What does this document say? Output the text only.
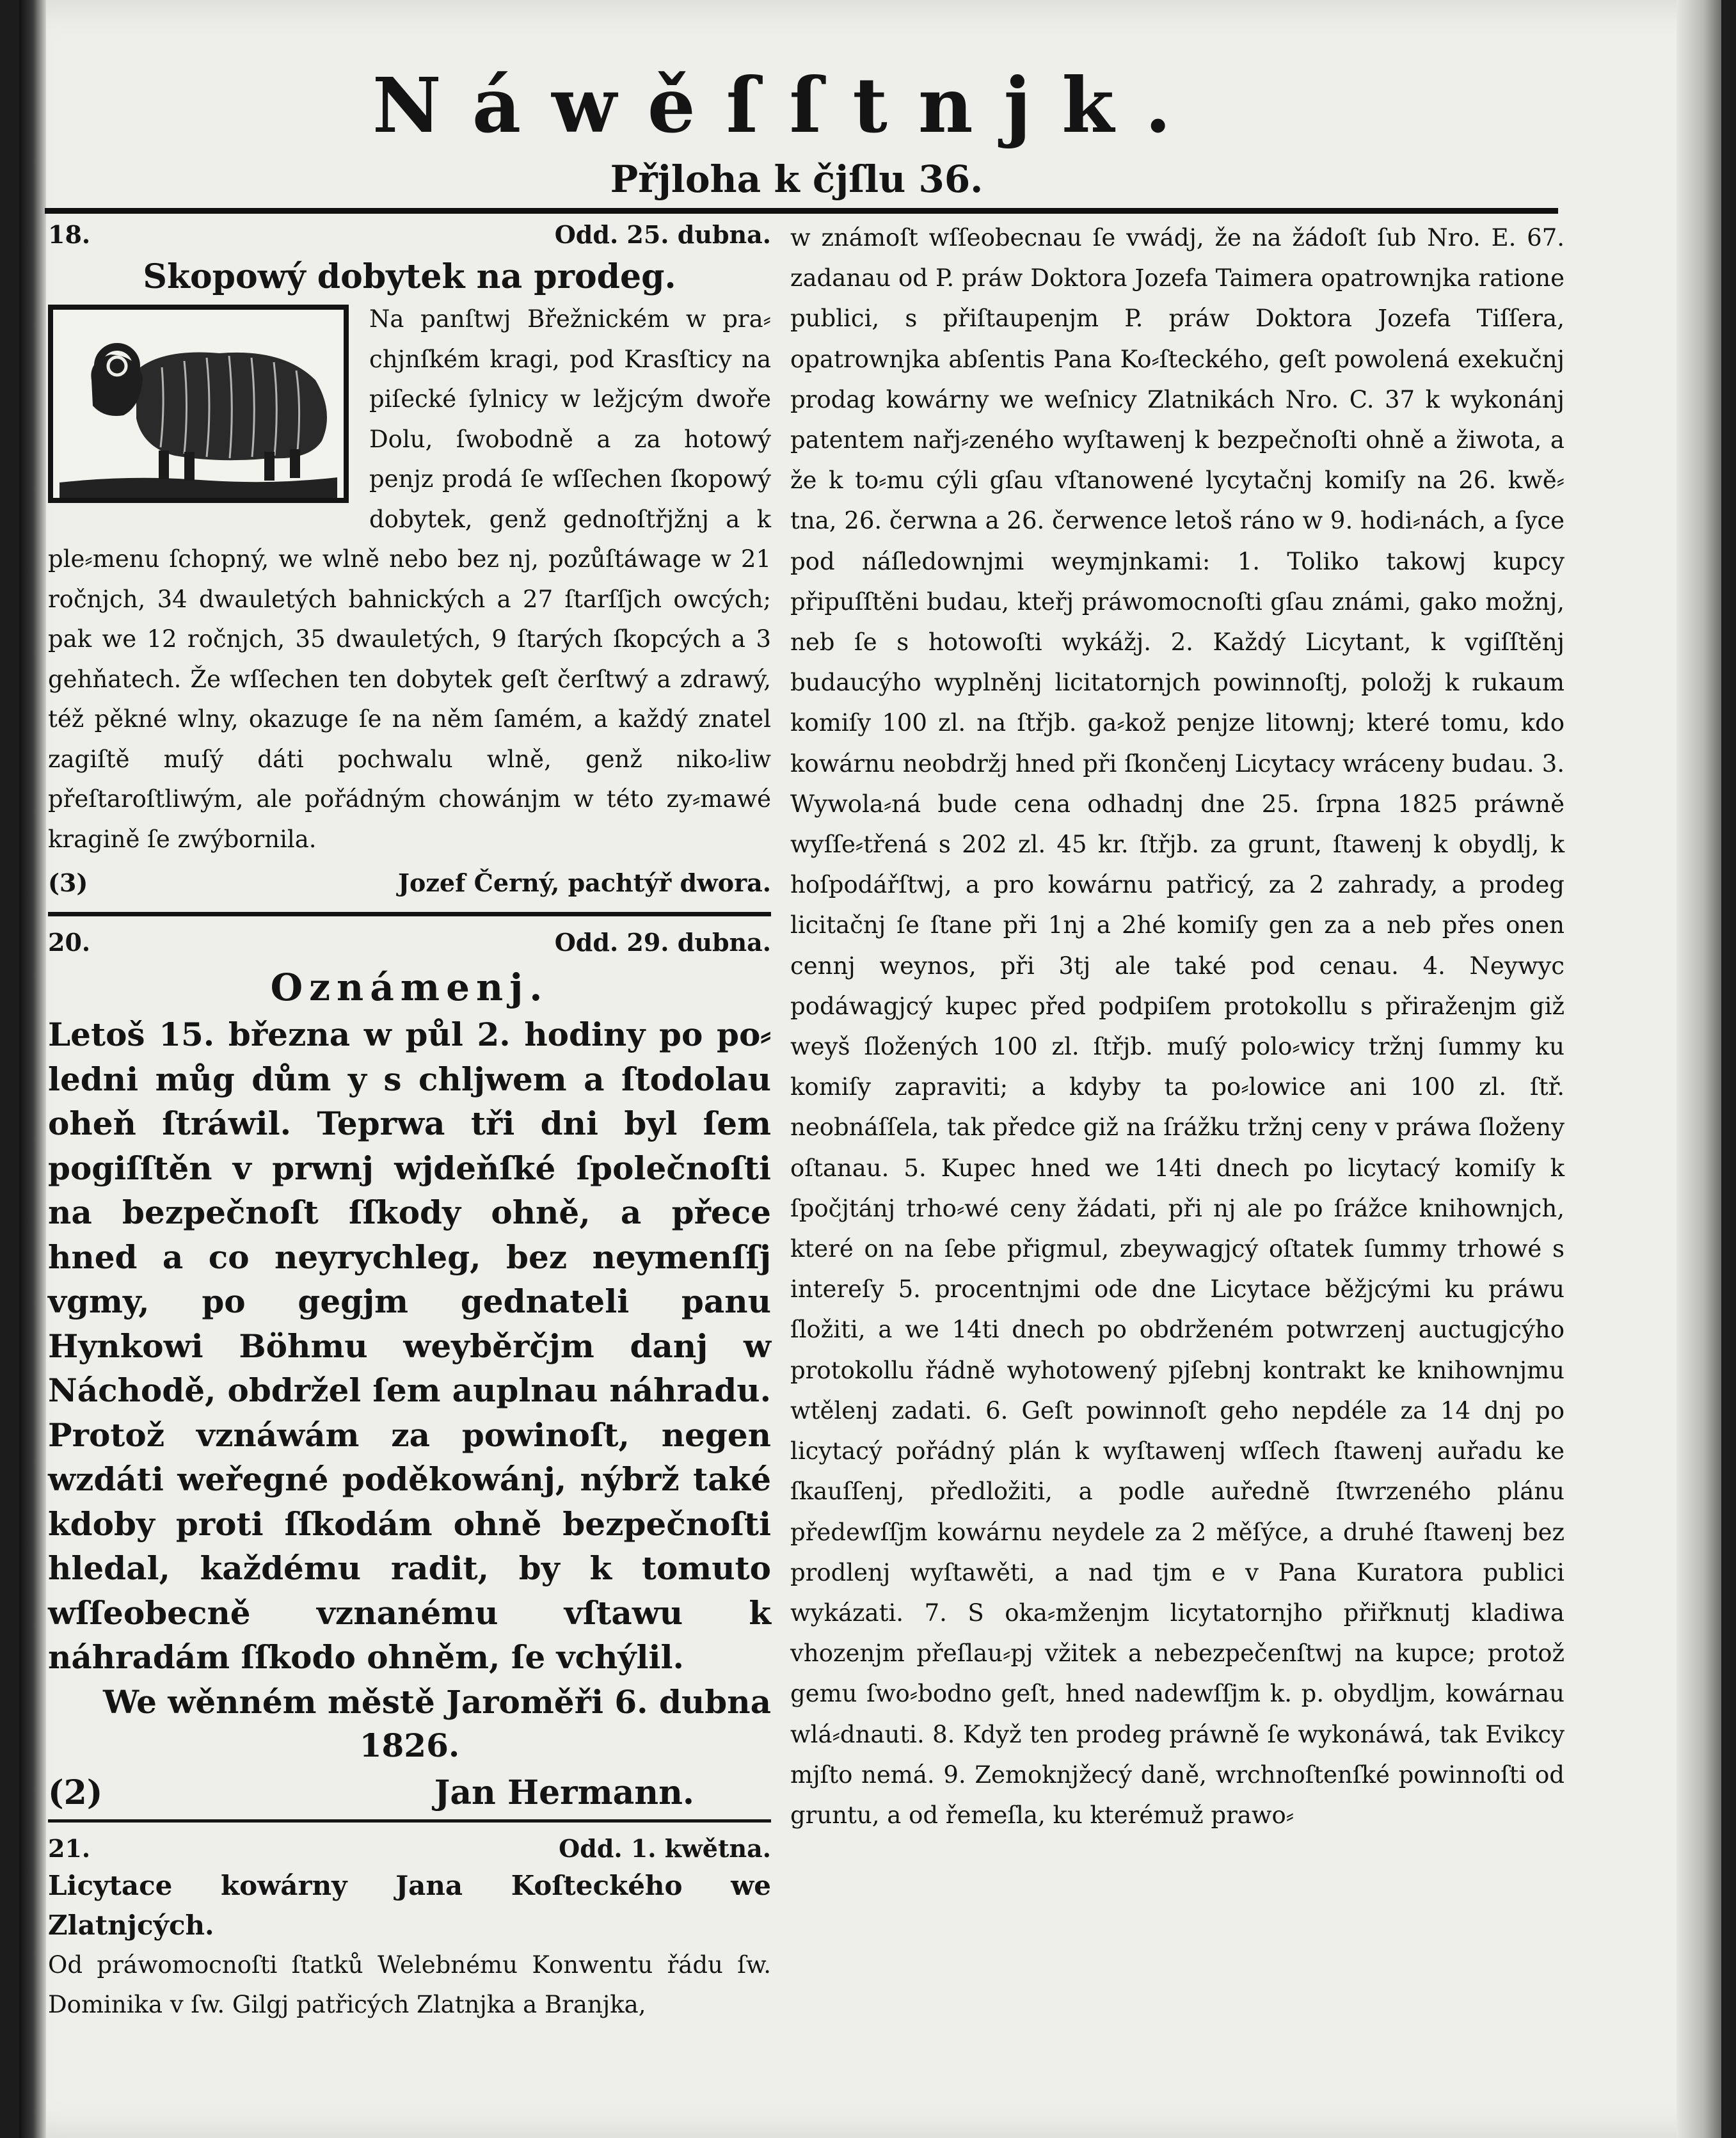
Náwěſſtnjk.
Přjloha k čjſlu 36.
18.	Odd. 25. dubna.
Skopowý dobytek na prodeg.

Na panſtwj Břežnickém w pra⸗chjnſkém kragi, pod Krasſticy na piſecké ſylnicy w ležjcým dwoře Dolu, ſwobodně a za hotowý penjz prodá ſe wſſechen ſkopowý dobytek, genž gednoſtřjžnj a k ple⸗menu ſchopný, we wlně nebo bez nj, pozůſtáwage w 21 ročnjch, 34 dwauletých bahnických a 27 ſtarſſjch owcých; pak we 12 ročnjch, 35 dwauletých, 9 ſtarých ſkopcých a 3 gehňatech. Že wſſechen ten dobytek geſt čerſtwý a zdrawý, též pěkné wlny, okazuge ſe na něm ſamém, a každý znatel zagiſtě muſý dáti pochwalu wlně, genž niko⸗liw přeſtaroſtliwým, ale pořádným chowánjm w této zy⸗mawé kragině ſe zwýbornila.

(3)	Jozef Černý, pachtýř dwora.
20.	Odd. 29. dubna.
Oznámenj.

Letoš 15. března w půl 2. hodiny po po⸗ledni můg dům y s chljwem a ſtodolau oheň ſtráwil. Teprwa tři dni byl ſem pogiſſtěn v prwnj wjdeňſké ſpolečnoſti na bezpečnoſt ſſkody ohně, a přece hned a co neyrychleg, bez neymenſſj vgmy, po gegjm gednateli panu Hynkowi Böhmu weyběrčjm danj w Náchodě, obdržel ſem auplnau náhradu. Protož vznáwám za powinoſt, negen wzdáti weřegné poděkowánj, nýbrž také kdoby proti ſſkodám ohně bezpečnoſti hledal, každému radit, by k tomuto wſſeobecně vznanému vſtawu k náhradám ſſkodo ohněm, ſe vchýlil.

We wěnném městě Jaroměři 6. dubna
1826.
(2)	Jan Hermann.
21.	Odd. 1. kwětna.
Licytace kowárny Jana Koſteckého we Zlatnjcých.

Od práwomocnoſti ſtatků Welebnému Konwentu řádu ſw. Dominika v ſw. Gilgj patřicých Zlatnjka a Branjka,

w známoſt wſſeobecnau ſe vwádj, že na žádoſt ſub Nro. E. 67. zadanau od P. práw Doktora Jozefa Taimera opatrownjka ratione publici, s přiſtaupenjm P. práw Doktora Jozefa Tiſſera, opatrownjka abſentis Pana Ko⸗ſteckého, geſt powolená exekučnj prodag kowárny we weſnicy Zlatnikách Nro. C. 37 k wykonánj patentem nařj⸗zeného wyſtawenj k bezpečnoſti ohně a žiwota, a že k to⸗mu cýli gſau vſtanowené lycytačnj komiſy na 26. kwě⸗tna, 26. čerwna a 26. čerwence letoš ráno w 9. hodi⸗nách, a ſyce pod náſledownjmi weymjnkami: 1. Toliko takowj kupcy připuſſtěni budau, kteřj práwomocnoſti gſau známi, gako možnj, neb ſe s hotowoſti wykážj. 2. Každý Licytant, k vgiſſtěnj budaucýho wyplněnj licitatornjch powinnoſtj, položj k rukaum komiſy 100 zl. na ſtřjb. ga⸗kož penjze litownj; které tomu, kdo kowárnu neobdržj hned při ſkončenj Licytacy wráceny budau. 3. Wywola⸗ná bude cena odhadnj dne 25. ſrpna 1825 práwně wyſſe⸗třená s 202 zl. 45 kr. ſtřjb. za grunt, ſtawenj k obydlj, k hoſpodářſtwj, a pro kowárnu patřicý, za 2 zahrady, a prodeg licitačnj ſe ſtane při 1nj a 2hé komiſy gen za a neb přes onen cennj weynos, při 3tj ale také pod cenau. 4. Neywyc podáwagjcý kupec před podpiſem protokollu s přiraženjm giž weyš ſložených 100 zl. ſtřjb. muſý polo⸗wicy tržnj ſummy ku komiſy zapraviti; a kdyby ta po⸗lowice ani 100 zl. ſtř. neobnáſſela, tak předce giž na ſrážku tržnj ceny v práwa ſloženy oſtanau. 5. Kupec hned we 14ti dnech po licytacý komiſy k ſpočjtánj trho⸗wé ceny žádati, při nj ale po ſrážce knihownjch, které on na ſebe přigmul, zbeywagjcý oſtatek ſummy trhowé s intereſy 5. procentnjmi ode dne Licytace běžjcými ku práwu ſložiti, a we 14ti dnech po obdrženém potwrzenj auctugjcýho protokollu řádně wyhotowený pjſebnj kontrakt ke knihownjmu wtělenj zadati. 6. Geſt powinnoſt geho nepdéle za 14 dnj po licytacý pořádný plán k wyſtawenj wſſech ſtawenj auřadu ke ſkauſſenj, předložiti, a podle auředně ſtwrzeného plánu předewſſjm kowárnu neydele za 2 měſýce, a druhé ſtawenj bez prodlenj wyſtawěti, a nad tjm e v Pana Kuratora publici wykázati. 7. S oka⸗mženjm licytatornjho přiřknutj kladiwa vhozenjm přeſlau⸗pj vžitek a nebezpečenſtwj na kupce; protož gemu ſwo⸗bodno geſt, hned nadewſſjm k. p. obydljm, kowárnau wlá⸗dnauti. 8. Když ten prodeg práwně ſe wykonáwá, tak Evikcy mjſto nemá. 9. Zemoknjžecý daně, wrchnoſtenſké powinnoſti od gruntu, a od řemeſla, ku kterémuž prawo⸗
